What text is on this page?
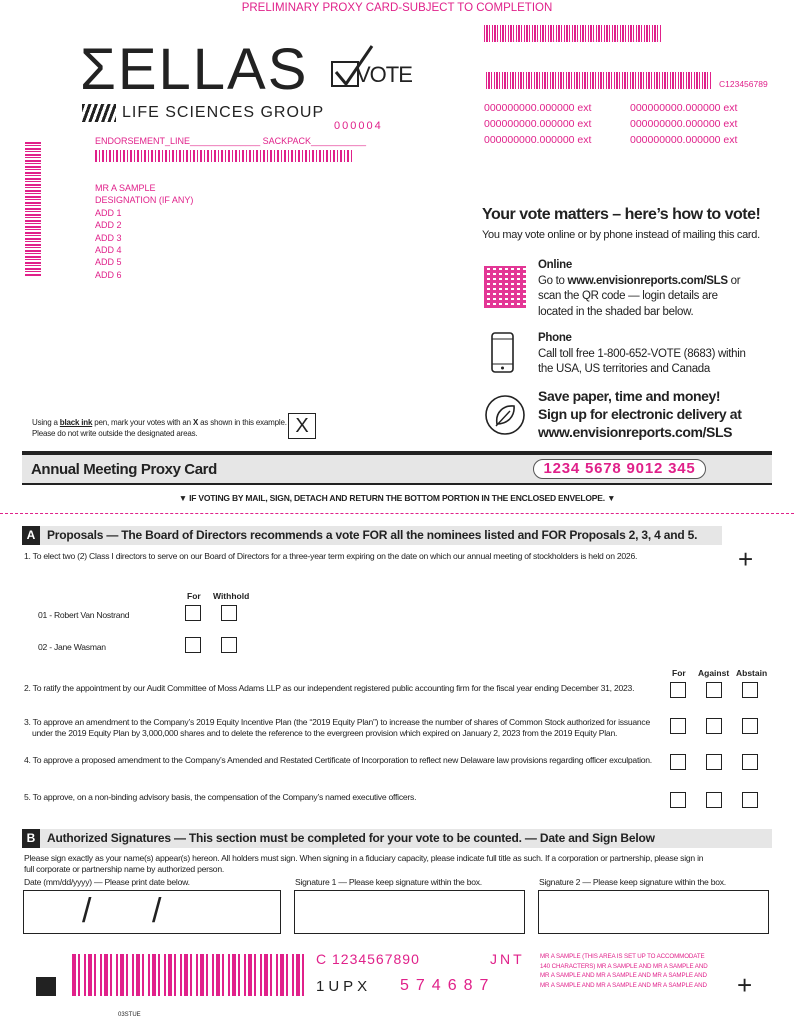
PRELIMINARY PROXY CARD-SUBJECT TO COMPLETION
ΣELLAS VOTE
LIFE SCIENCES GROUP
000004
ENDORSEMENT_LINE______________ SACKPACK___________
MR A SAMPLE
DESIGNATION (IF ANY)
ADD 1
ADD 2
ADD 3
ADD 4
ADD 5
ADD 6
C123456789
000000000.000000 ext
000000000.000000 ext
000000000.000000 ext
000000000.000000 ext
000000000.000000 ext
000000000.000000 ext
Your vote matters – here’s how to vote!
You may vote online or by phone instead of mailing this card.
Online
Go to www.envisionreports.com/SLS or
scan the QR code — login details are
located in the shaded bar below.
Phone
Call toll free 1-800-652-VOTE (8683) within
the USA, US territories and Canada
Save paper, time and money!
Sign up for electronic delivery at
www.envisionreports.com/SLS
Using a black ink pen, mark your votes with an X as shown in this example.
Please do not write outside the designated areas.	X
Annual Meeting Proxy Card	1234 5678 9012 345
▼ IF VOTING BY MAIL, SIGN, DETACH AND RETURN THE BOTTOM PORTION IN THE ENCLOSED ENVELOPE. ▼
A Proposals — The Board of Directors recommends a vote FOR all the nominees listed and FOR Proposals 2, 3, 4 and 5.
+
1. To elect two (2) Class I directors to serve on our Board of Directors for a three-year term expiring on the date on which our annual meeting of stockholders is held on 2026.
For Withhold
01 - Robert Van Nostrand
02 - Jane Wasman
For Against Abstain
2. To ratify the appointment by our Audit Committee of Moss Adams LLP as our independent registered public accounting firm for the fiscal year ending December 31, 2023.
3. To approve an amendment to the Company’s 2019 Equity Incentive Plan (the “2019 Equity Plan”) to increase the number of shares of Common Stock authorized for issuance
under the 2019 Equity Plan by 3,000,000 shares and to delete the reference to the evergreen provision which expired on January 2, 2023 from the 2019 Equity Plan.
4. To approve a proposed amendment to the Company’s Amended and Restated Certificate of Incorporation to reflect new Delaware law provisions regarding officer exculpation.
5. To approve, on a non-binding advisory basis, the compensation of the Company’s named executive officers.
B Authorized Signatures — This section must be completed for your vote to be counted. — Date and Sign Below
Please sign exactly as your name(s) appear(s) hereon. All holders must sign. When signing in a fiduciary capacity, please indicate full title as such. If a corporation or partnership, please sign in
full corporate or partnership name by authorized person.
Date (mm/dd/yyyy) — Please print date below.	Signature 1 — Please keep signature within the box.	Signature 2 — Please keep signature within the box.
/ /
C 1234567890	JNT
1UPX 574687
MR A SAMPLE (THIS AREA IS SET UP TO ACCOMMODATE
140 CHARACTERS) MR A SAMPLE AND MR A SAMPLE AND
MR A SAMPLE AND MR A SAMPLE AND MR A SAMPLE AND
MR A SAMPLE AND MR A SAMPLE AND MR A SAMPLE AND +
03STUE
